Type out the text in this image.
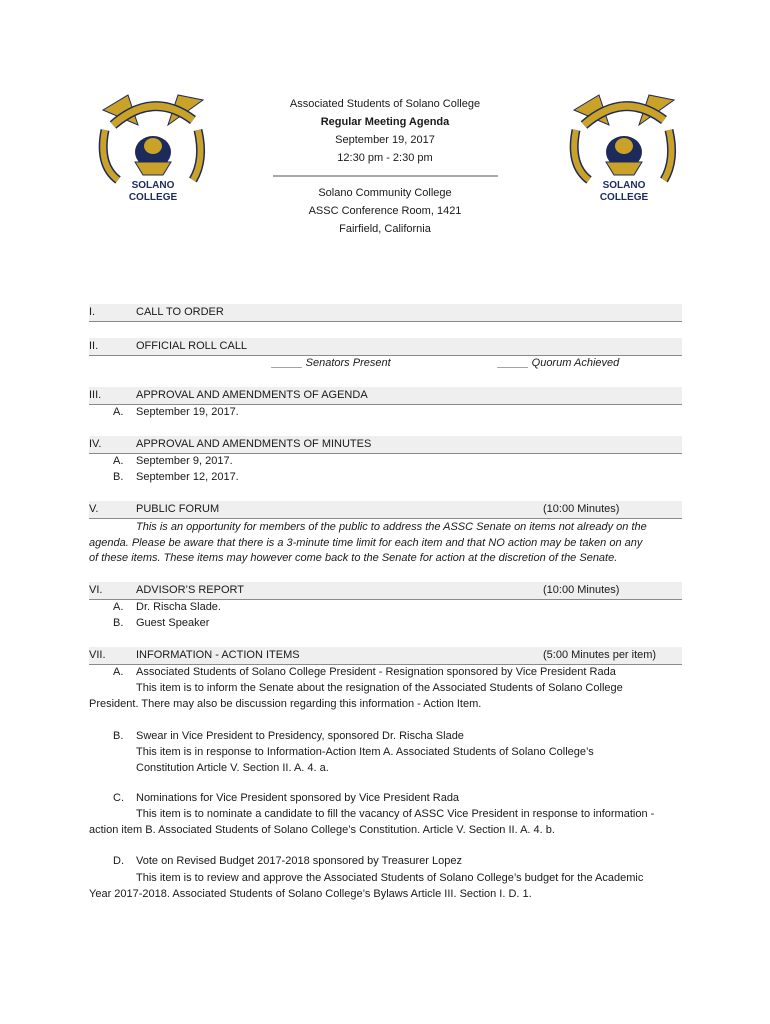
SOLANO
COLLEGE
SOLANO
COLLEGE
Associated Students of Solano College
Regular Meeting Agenda
September 19, 2017
12:30 pm - 2:30 pm
Solano Community College
ASSC Conference Room, 1421
Fairfield, California
I.	CALL TO ORDER
II.	OFFICIAL ROLL CALL
_____ Senators Present	_____ Quorum Achieved
III.	APPROVAL AND AMENDMENTS OF AGENDA
A. September 19, 2017.
IV.	APPROVAL AND AMENDMENTS OF MINUTES
A. September 9, 2017.
B. September 12, 2017.
V.	PUBLIC FORUM	(10:00 Minutes)
This is an opportunity for members of the public to address the ASSC Senate on items not already on the
agenda. Please be aware that there is a 3-minute time limit for each item and that NO action may be taken on any
of these items. These items may however come back to the Senate for action at the discretion of the Senate.
VI.	ADVISOR’S REPORT	(10:00 Minutes)
A. Dr. Rischa Slade.
B. Guest Speaker
VII.	INFORMATION - ACTION ITEMS	(5:00 Minutes per item)
A. Associated Students of Solano College President - Resignation sponsored by Vice President Rada
This item is to inform the Senate about the resignation of the Associated Students of Solano College
President. There may also be discussion regarding this information - Action Item.
B. Swear in Vice President to Presidency, sponsored Dr. Rischa Slade
This item is in response to Information-Action Item A. Associated Students of Solano College’s
Constitution Article V. Section II. A. 4. a.
C. Nominations for Vice President sponsored by Vice President Rada
This item is to nominate a candidate to fill the vacancy of ASSC Vice President in response to information -
action item B. Associated Students of Solano College’s Constitution. Article V. Section II. A. 4. b.
D. Vote on Revised Budget 2017-2018 sponsored by Treasurer Lopez
This item is to review and approve the Associated Students of Solano College’s budget for the Academic
Year 2017-2018. Associated Students of Solano College’s Bylaws Article III. Section I. D. 1.
